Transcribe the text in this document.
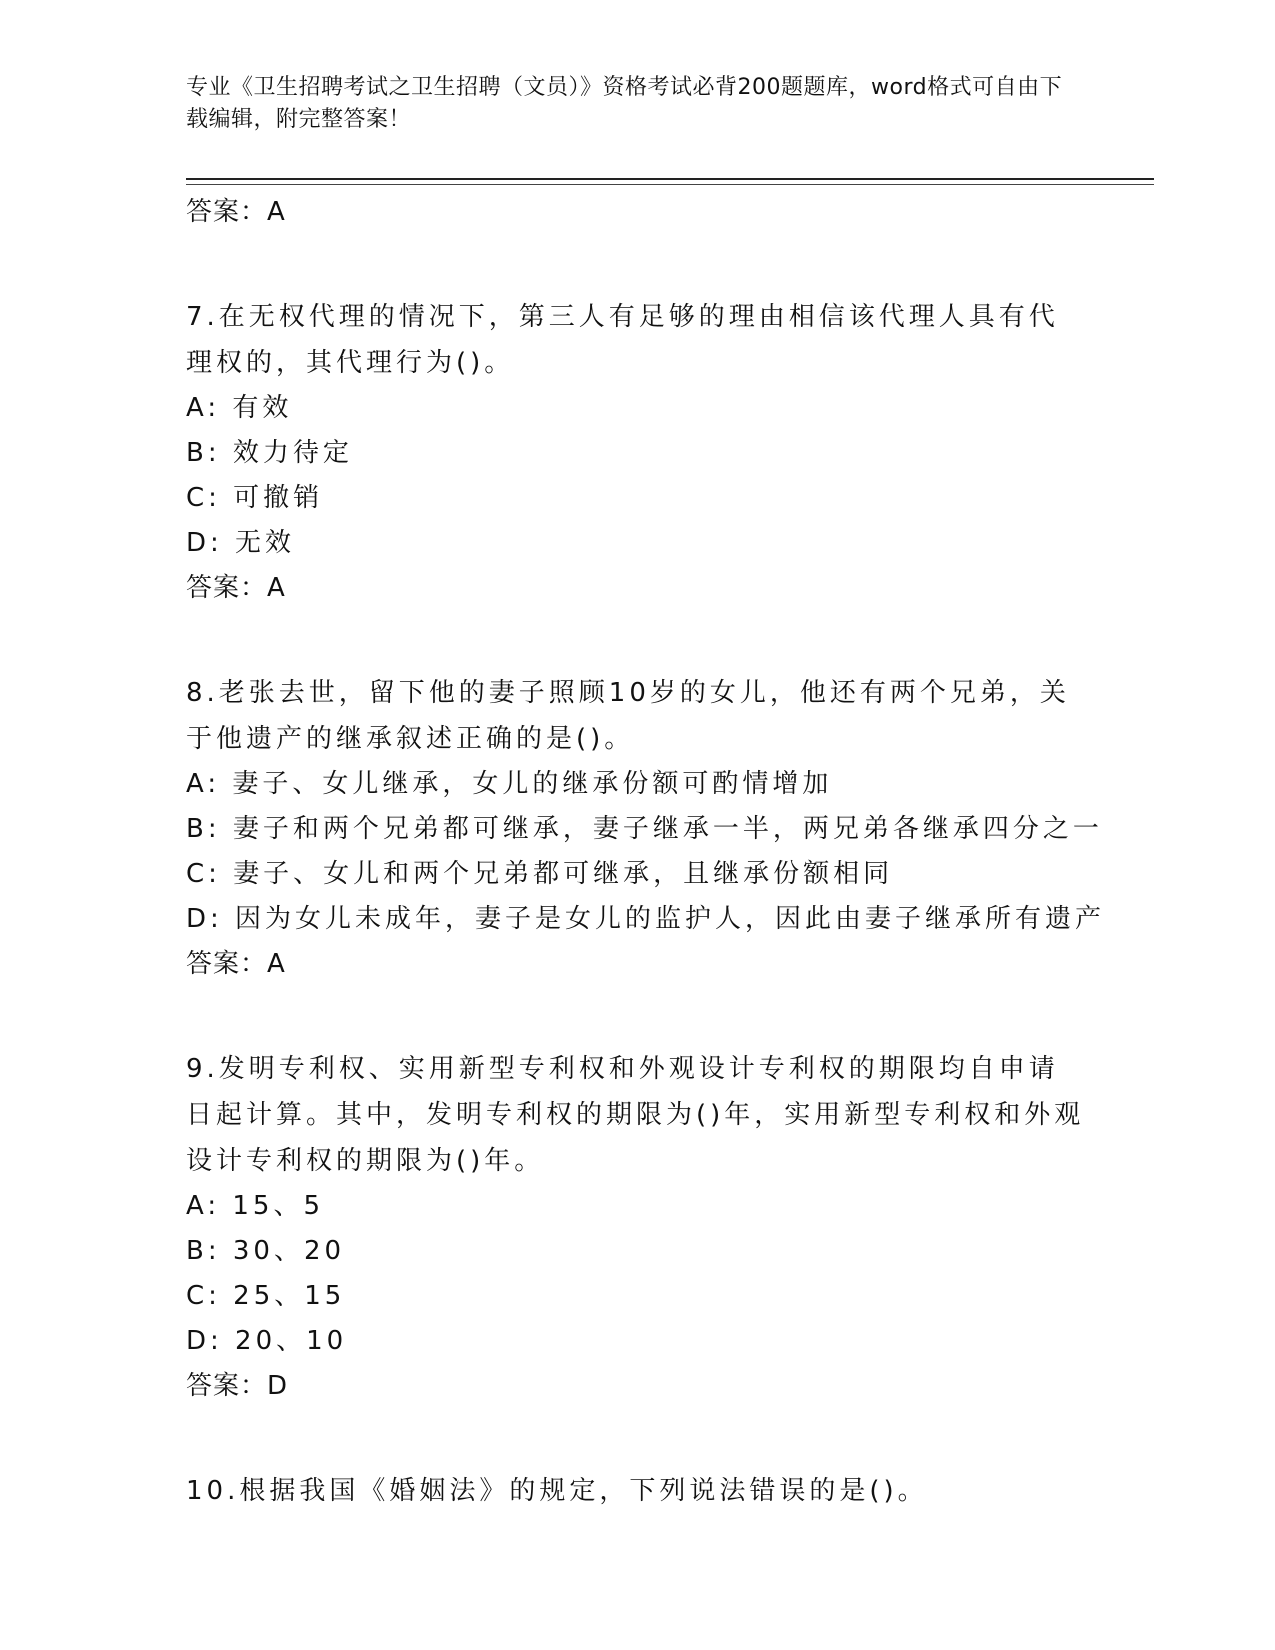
专业《卫生招聘考试之卫生招聘（文员）》资格考试必背200题题库，word格式可自由下载编辑，附完整答案！
答案：A
7.在无权代理的情况下，第三人有足够的理由相信该代理人具有代理权的，其代理行为()。
A: 有效
B: 效力待定
C: 可撤销
D: 无效
答案：A
8.老张去世，留下他的妻子照顾10岁的女儿，他还有两个兄弟，关于他遗产的继承叙述正确的是()。
A: 妻子、女儿继承，女儿的继承份额可酌情增加
B: 妻子和两个兄弟都可继承，妻子继承一半，两兄弟各继承四分之一
C: 妻子、女儿和两个兄弟都可继承，且继承份额相同
D: 因为女儿未成年，妻子是女儿的监护人，因此由妻子继承所有遗产
答案：A
9.发明专利权、实用新型专利权和外观设计专利权的期限均自申请日起计算。其中，发明专利权的期限为()年，实用新型专利权和外观设计专利权的期限为()年。
A: 15、5
B: 30、20
C: 25、15
D: 20、10
答案：D
10.根据我国《婚姻法》的规定，下列说法错误的是()。
